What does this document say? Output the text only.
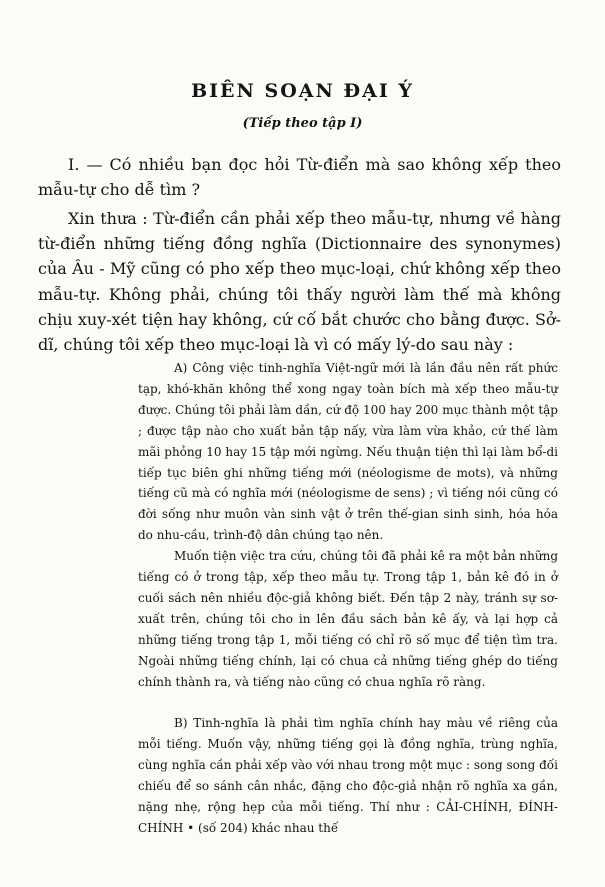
BIÊN SOẠN ĐẠI Ý
(Tiếp theo tập I)

I. — Có nhiều bạn đọc hỏi Từ-điển mà sao không xếp theo mẫu-tự cho dễ tìm ?

Xin thưa : Từ-điển cần phải xếp theo mẫu-tự, nhưng về hàng từ-điển những tiếng đồng nghĩa (Dictionnaire des synonymes) của Âu - Mỹ cũng có pho xếp theo mục-loại, chứ không xếp theo mẫu-tự. Không phải, chúng tôi thấy người làm thế mà không chịu xuy-xét tiện hay không, cứ cố bắt chước cho bằng được. Sở-dĩ, chúng tôi xếp theo mục-loại là vì có mấy lý-do sau này :

A) Công việc tinh-nghĩa Việt-ngữ mới là lần đầu nên rất phức tạp, khó-khăn không thể xong ngay toàn bích mà xếp theo mẫu-tự được. Chúng tôi phải làm dần, cứ độ 100 hay 200 mục thành một tập ; được tập nào cho xuất bản tập nấy, vừa làm vừa khảo, cứ thế làm mãi phỏng 10 hay 15 tập mới ngừng. Nếu thuận tiện thì lại làm bổ-di tiếp tục biên ghi những tiếng mới (néologisme de mots), và những tiếng cũ mà có nghĩa mới (néologisme de sens) ; vì tiếng nói cũng có đời sống như muôn vàn sinh vật ở trên thế-gian sinh sinh, hóa hóa do nhu-cầu, trình-độ dân chúng tạo nên.

Muốn tiện việc tra cứu, chúng tôi đã phải kê ra một bản những tiếng có ở trong tập, xếp theo mẫu tự. Trong tập 1, bản kê đó in ở cuối sách nên nhiều độc-giả không biết. Đến tập 2 này, tránh sự sơ-xuất trên, chúng tôi cho in lên đầu sách bản kê ấy, và lại hợp cả những tiếng trong tập 1, mỗi tiếng có chỉ rõ số mục để tiện tìm tra. Ngoài những tiếng chính, lại có chua cả những tiếng ghép do tiếng chính thành ra, và tiếng nào cũng có chua nghĩa rõ ràng.

B) Tinh-nghĩa là phải tìm nghĩa chính hay màu về riêng của mỗi tiếng. Muốn vậy, những tiếng gọi là đồng nghĩa, trùng nghĩa, cùng nghĩa cần phải xếp vào với nhau trong một mục : song song đối chiếu để so sánh cân nhắc, đặng cho độc-giả nhận rõ nghĩa xa gần, nặng nhẹ, rộng hẹp của mỗi tiếng. Thí như : CẢI-CHÍNH, ĐÍNH-CHÍNH • (số 204) khác nhau thế
